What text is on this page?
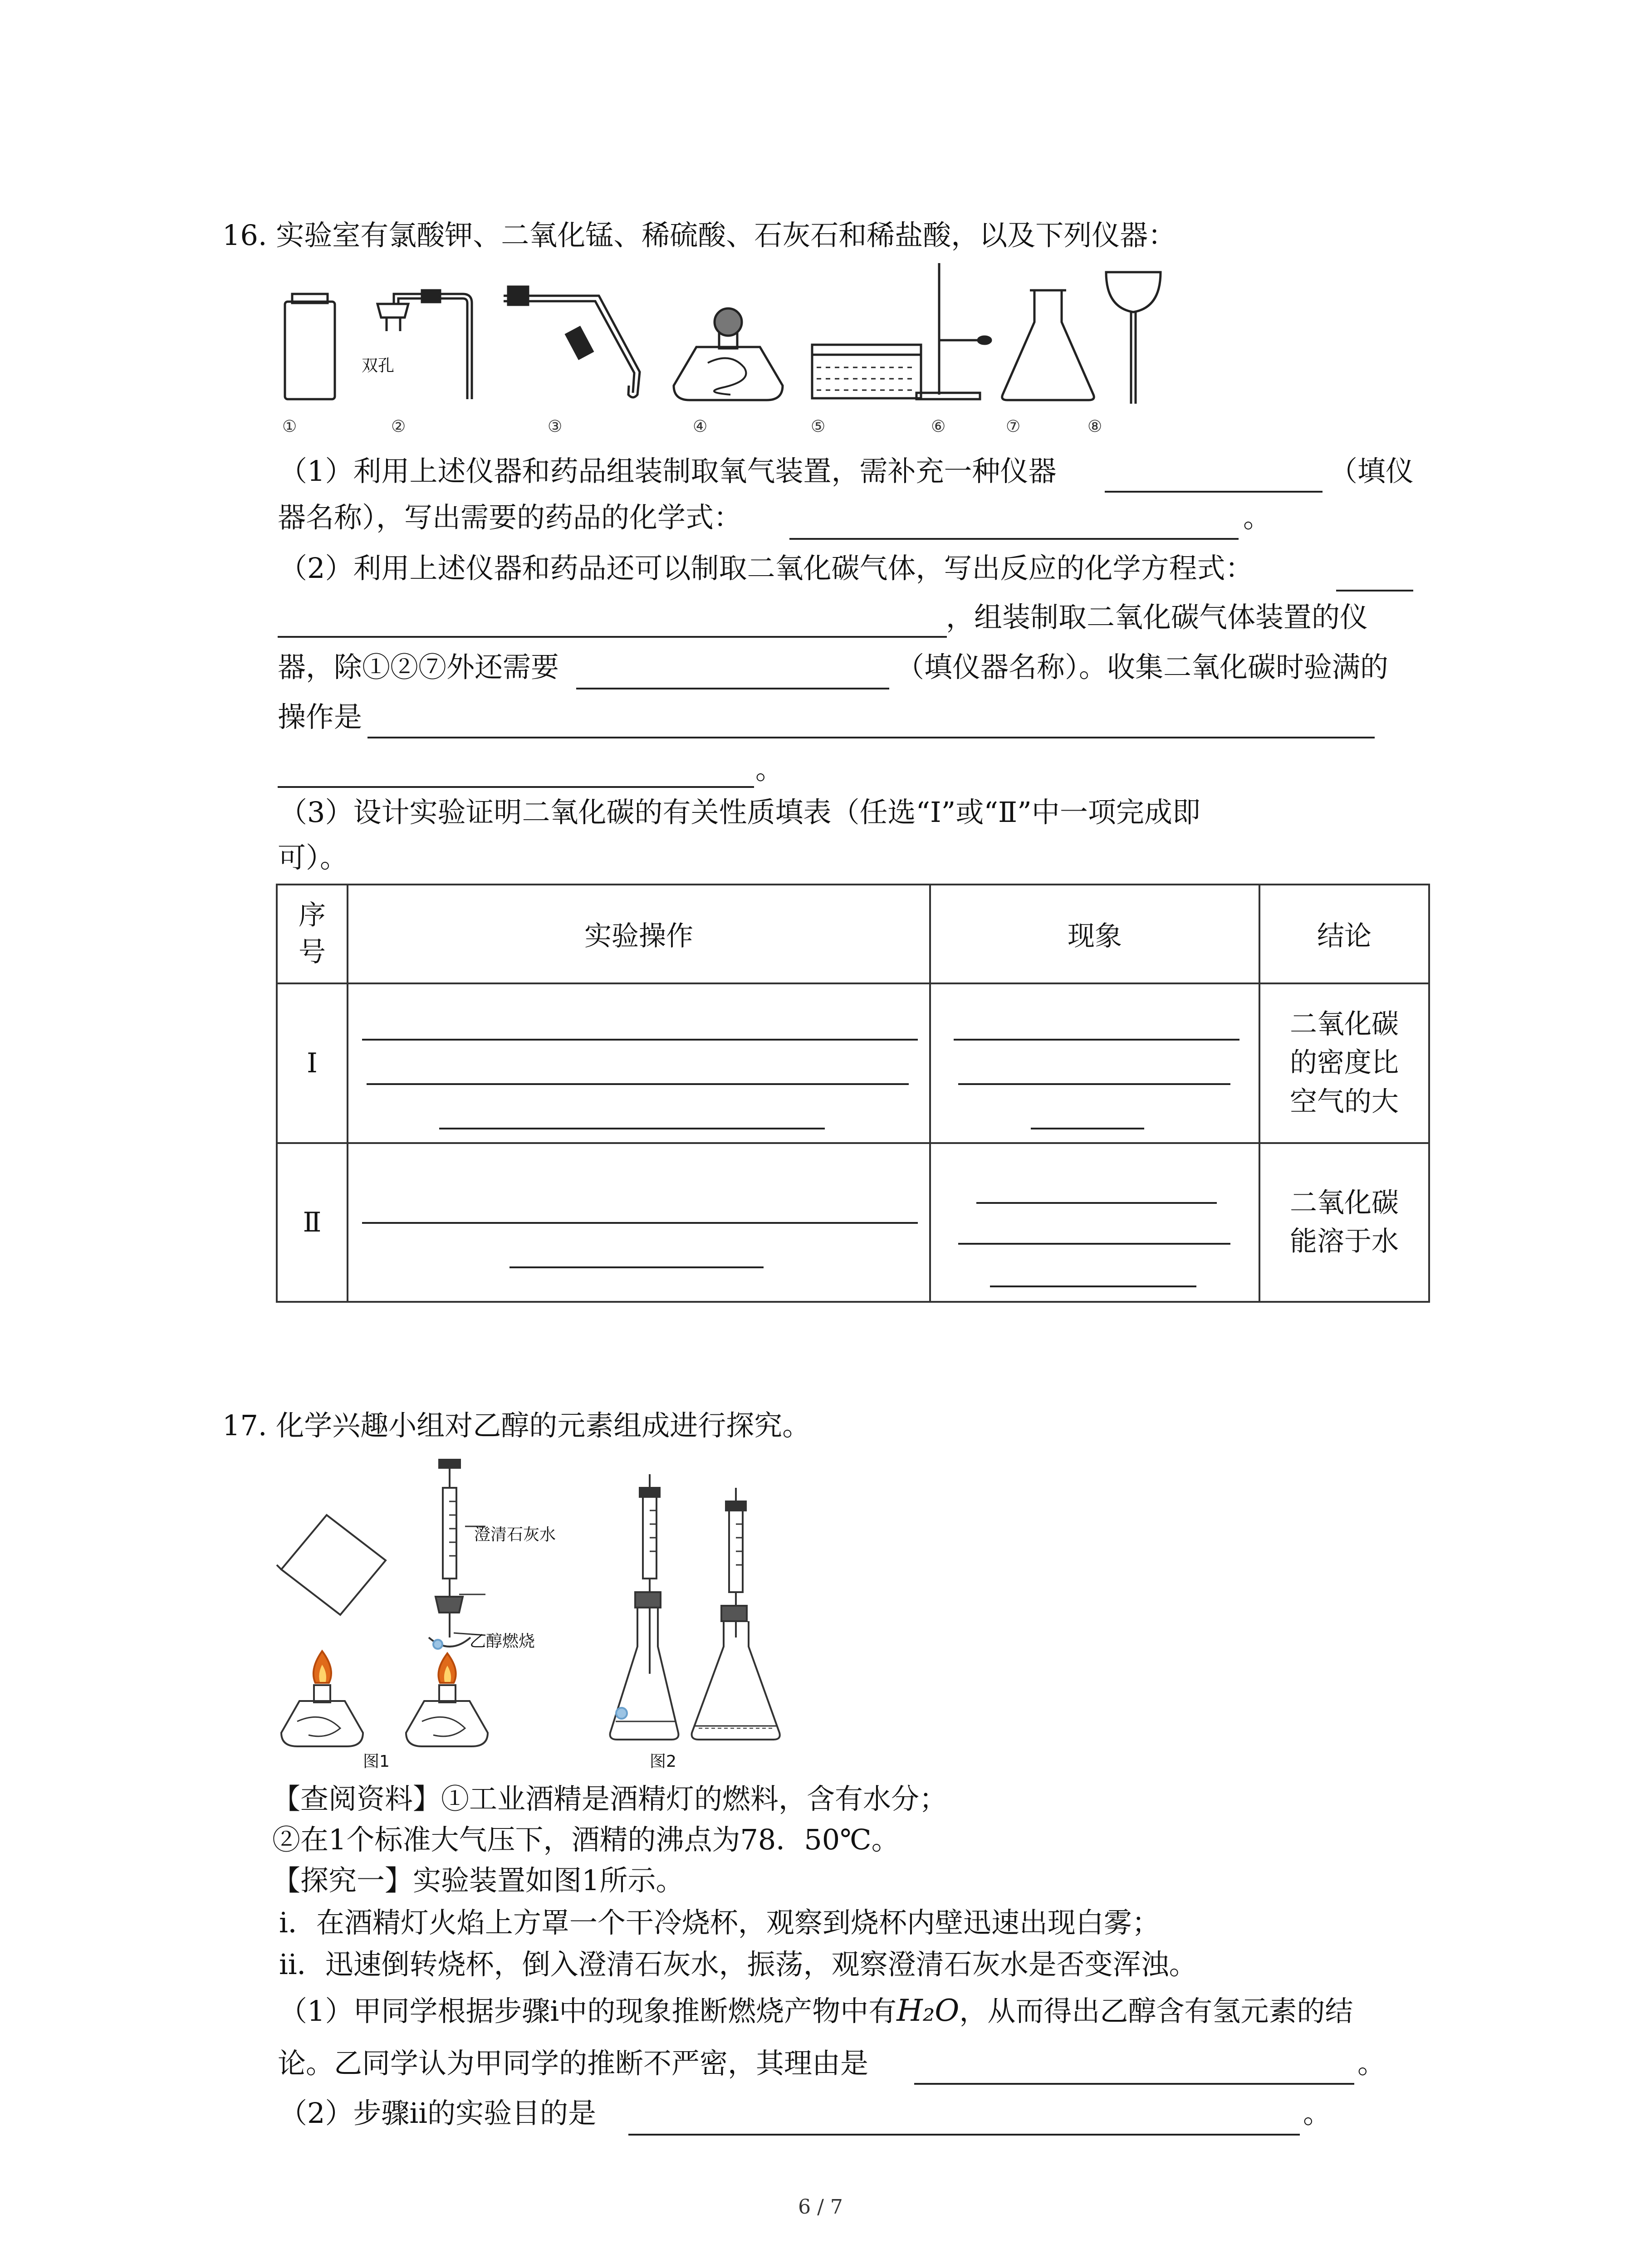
16. 实验室有氯酸钾、二氧化锰、稀硫酸、石灰石和稀盐酸，以及下列仪器：
双孔
①	②	③	④	⑤	⑥	⑦	⑧
（1）利用上述仪器和药品组装制取氧气装置，需补充一种仪器	（填仪
器名称），写出需要的药品的化学式：	。
（2）利用上述仪器和药品还可以制取二氧化碳气体，写出反应的化学方程式：
，组装制取二氧化碳气体装置的仪
器，除①②⑦外还需要	（填仪器名称）。收集二氧化碳时验满的
操作是
。
（3）设计实验证明二氧化碳的有关性质填表（任选“Ⅰ”或“Ⅱ”中一项完成即
可）。
序号	实验操作	现象	结论
Ⅰ			二氧化碳的密度比空气的大

Ⅱ			二氧化碳能溶于水
17. 化学兴趣小组对乙醇的元素组成进行探究。
澄清石灰水
乙醇燃烧
图1	图2
【查阅资料】①工业酒精是酒精灯的燃料，含有水分；
②在1个标准大气压下，酒精的沸点为78．50℃。
【探究一】实验装置如图1所示。
ⅰ．在酒精灯火焰上方罩一个干冷烧杯，观察到烧杯内壁迅速出现白雾；
ⅱ．迅速倒转烧杯，倒入澄清石灰水，振荡，观察澄清石灰水是否变浑浊。
（1）甲同学根据步骤ⅰ中的现象推断燃烧产物中有H₂O，从而得出乙醇含有氢元素的结
论。乙同学认为甲同学的推断不严密，其理由是	。
（2）步骤ⅱ的实验目的是	。
6 / 7
